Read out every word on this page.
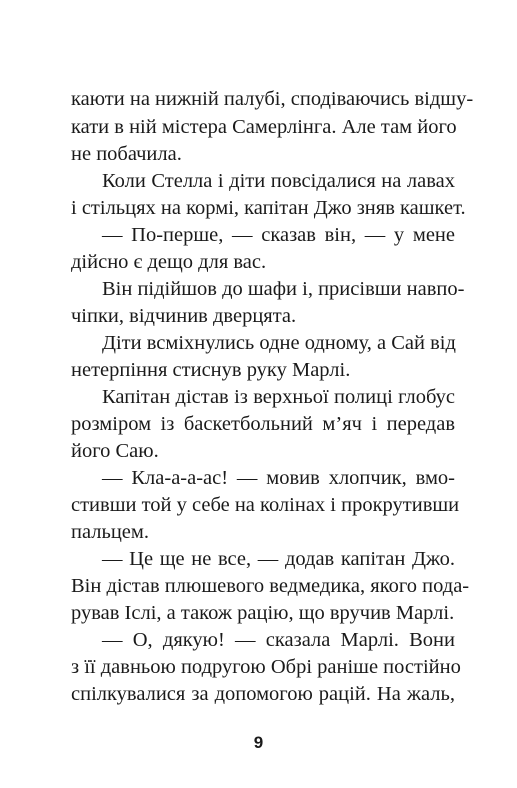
каюти на нижній палубі, сподіваючись відшу-
кати в ній містера Самерлінга. Але там його
не побачила.
Коли Стелла і діти повсідалися на лавах
і стільцях на кормі, капітан Джо зняв кашкет.
— По-перше, — сказав він, — у мене
дійсно є дещо для вас.
Він підійшов до шафи і, присівши навпо-
чіпки, відчинив дверцята.
Діти всміхнулись одне одному, а Сай від
нетерпіння стиснув руку Марлі.
Капітан дістав із верхньої полиці глобус
розміром із баскетбольний м’яч і передав
його Саю.
— Кла-а-а-ас! — мовив хлопчик, вмо-
стивши той у себе на колінах і прокрутивши
пальцем.
— Це ще не все, — додав капітан Джо.
Він дістав плюшевого ведмедика, якого пода-
рував Іслі, а також рацію, що вручив Марлі.
— О, дякую! — сказала Марлі. Вони
з її давньою подругою Обрі раніше постійно
спілкувалися за допомогою рацій. На жаль,
9
